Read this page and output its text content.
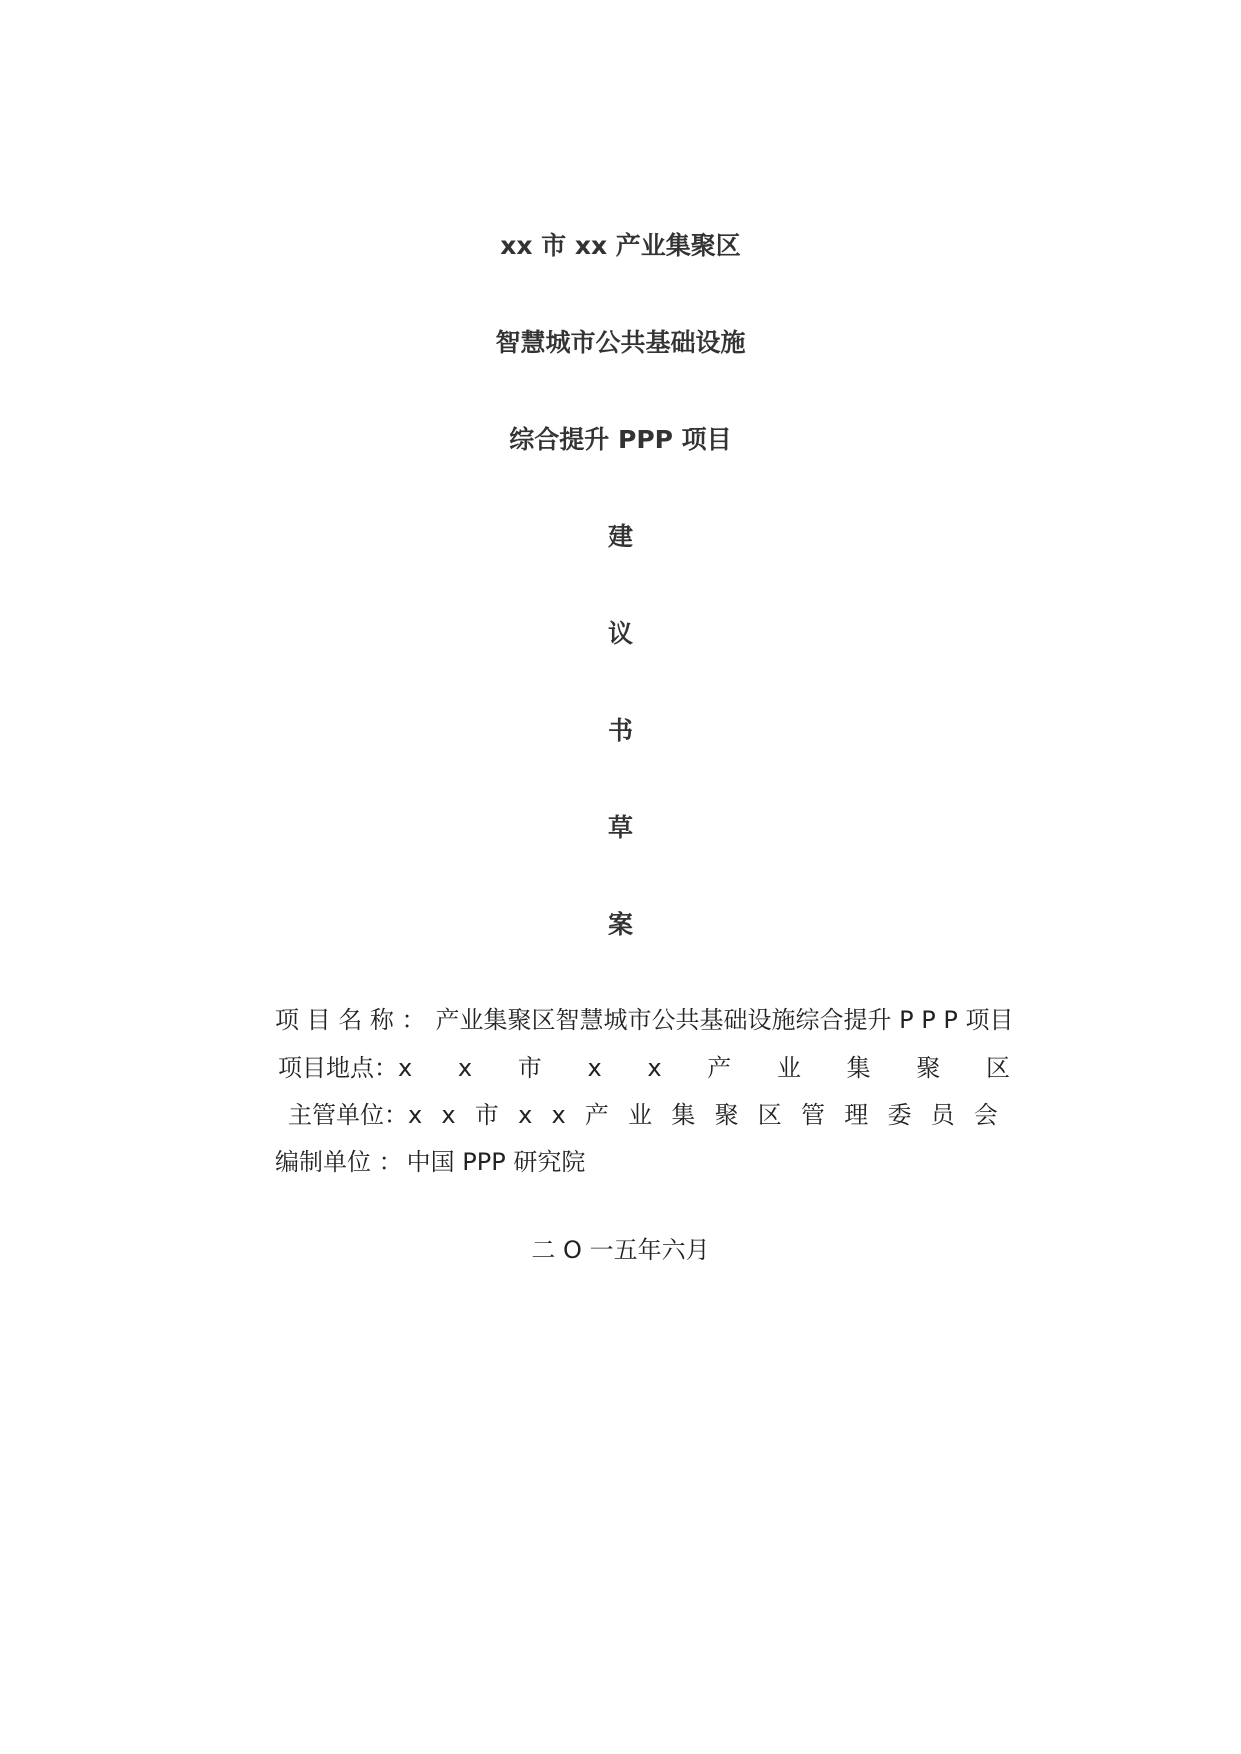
xx 市 xx 产业集聚区
智慧城市公共基础设施
综合提升 PPP 项目
建
议
书
草
案
项 目 名 称 ： 产业集聚区智慧城市公共基础设施综合提升 P P P 项目
项目地点： x x 市 x x 产 业 集 聚 区
主管单位： x x 市 x x 产 业 集 聚 区 管 理 委 员 会
编制单位 ： 中国 PPP 研究院
二 O 一五年六月
